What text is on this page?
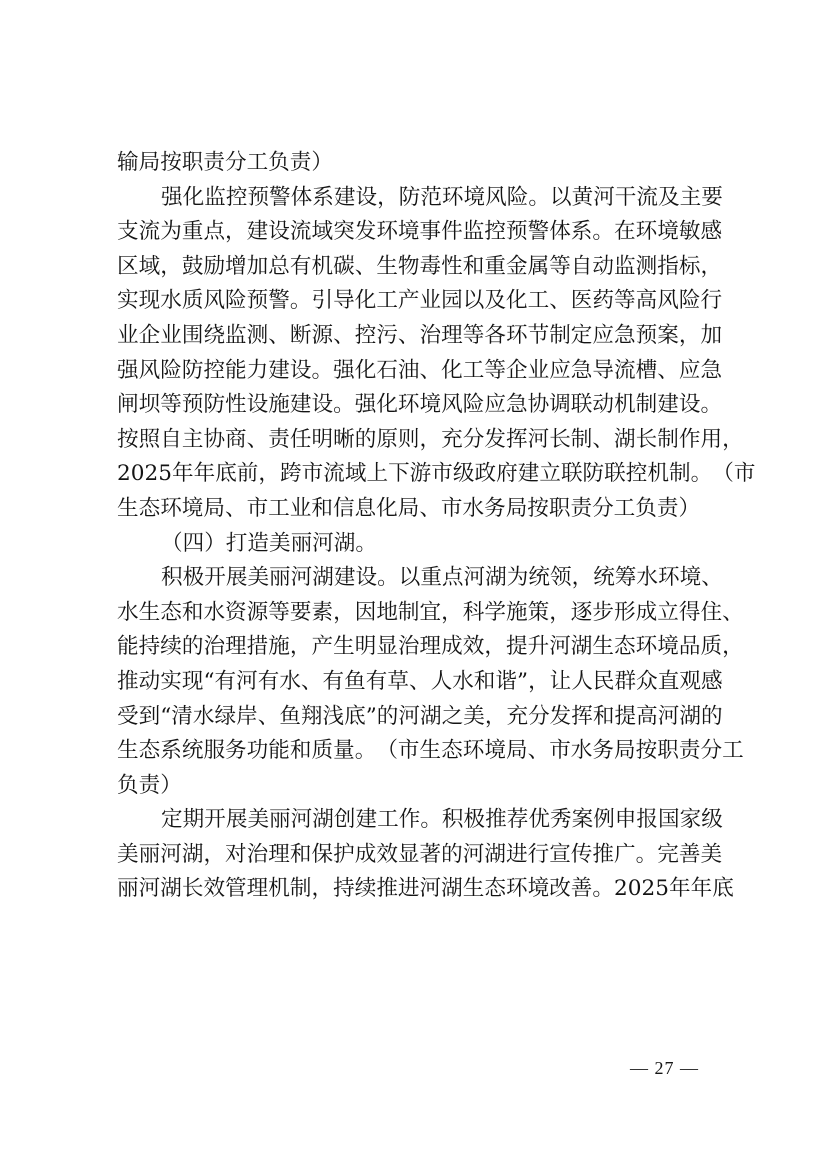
输局按职责分工负责）
强 化 监 控 预 警 体 系 建 设 ， 防 范 环 境 风 险 。 以 黄 河 干 流 及 主 要
支 流 为 重 点 ， 建 设 流 域 突 发 环 境 事 件 监 控 预 警 体 系 。 在 环 境 敏 感
区 域 ， 鼓 励 增 加 总 有 机 碳 、 生 物 毒 性 和 重 金 属 等 自 动 监 测 指 标 ，
实 现 水 质 风 险 预 警 。 引 导 化 工 产 业 园 以 及 化 工 、 医 药 等 高 风 险 行
业 企 业 围 绕 监 测 、 断 源 、 控 污 、 治 理 等 各 环 节 制 定 应 急 预 案 ， 加
强 风 险 防 控 能 力 建 设 。 强 化 石 油 、 化 工 等 企 业 应 急 导 流 槽 、 应 急
闸 坝 等 预 防 性 设 施 建 设 。 强 化 环 境 风 险 应 急 协 调 联 动 机 制 建 设 。
按 照 自 主 协 商 、 责 任 明 晰 的 原 则 ， 充 分 发 挥 河 长 制 、 湖 长 制 作 用 ，
2025 年 年 底 前 ， 跨 市 流 域 上 下 游 市 级 政 府 建 立 联 防 联 控 机 制 。 （ 市
生态环境局、市工业和信息化局、市水务局按职责分工负责）
（四）打造美丽河湖。
积 极 开 展 美 丽 河 湖 建 设 。 以 重 点 河 湖 为 统 领 ， 统 筹 水 环 境 、
水 生 态 和 水 资 源 等 要 素 ， 因 地 制 宜 ， 科 学 施 策 ， 逐 步 形 成 立 得 住 、
能 持 续 的 治 理 措 施 ， 产 生 明 显 治 理 成 效 ， 提 升 河 湖 生 态 环 境 品 质 ，
推 动 实 现 “ 有 河 有 水 、 有 鱼 有 草 、 人 水 和 谐 ” ， 让 人 民 群 众 直 观 感
受 到 “ 清 水 绿 岸 、 鱼 翔 浅 底 ” 的 河 湖 之 美 ， 充 分 发 挥 和 提 高 河 湖 的
生 态 系 统 服 务 功 能 和 质 量 。 （ 市 生 态 环 境 局 、 市 水 务 局 按 职 责 分 工
负责）
定 期 开 展 美 丽 河 湖 创 建 工 作 。 积 极 推 荐 优 秀 案 例 申 报 国 家 级
美 丽 河 湖 ， 对 治 理 和 保 护 成 效 显 著 的 河 湖 进 行 宣 传 推 广 。 完 善 美
丽 河 湖 长 效 管 理 机 制 ， 持 续 推 进 河 湖 生 态 环 境 改 善 。 2025 年 年 底
— 27 —
